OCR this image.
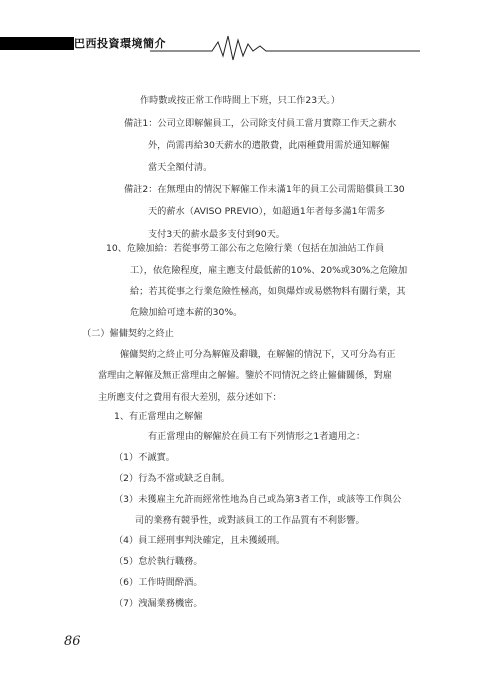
巴西投資環境簡介
作時數或按正常工作時間上下班，只工作23天。）
備註1：公司立即解僱員工，公司除支付員工當月實際工作天之薪水
外，尚需再給30天薪水的遣散費，此兩種費用需於通知解僱
當天全額付清。
備註2：在無理由的情況下解僱工作未滿1年的員工公司需賠償員工30
天的薪水（AVISO PREVIO），如超過1年者每多滿1年需多
支付3天的薪水最多支付到90天。
10、危險加給：若從事勞工部公布之危險行業（包括在加油站工作員
工），依危險程度，雇主應支付最低薪的10%、20%或30%之危險加
給；若其從事之行業危險性極高，如與爆炸或易燃物料有關行業，其
危險加給可達本薪的30%。
（二）僱傭契約之終止
僱傭契約之終止可分為解僱及辭職，在解僱的情況下，又可分為有正
當理由之解僱及無正當理由之解僱。鑒於不同情況之終止僱傭關係，對雇
主所應支付之費用有很大差別，茲分述如下：
1、有正當理由之解僱
有正當理由的解僱於在員工有下列情形之1者適用之：
（1）不誠實。
（2）行為不當或缺乏自制。
（3）未獲雇主允許而經常性地為自己或為第3者工作，或該等工作與公
司的業務有競爭性，或對該員工的工作品質有不利影響。
（4）員工經刑事判決確定，且未獲緩刑。
（5）怠於執行職務。
（6）工作時間酔酒。
（7）洩漏業務機密。
86
